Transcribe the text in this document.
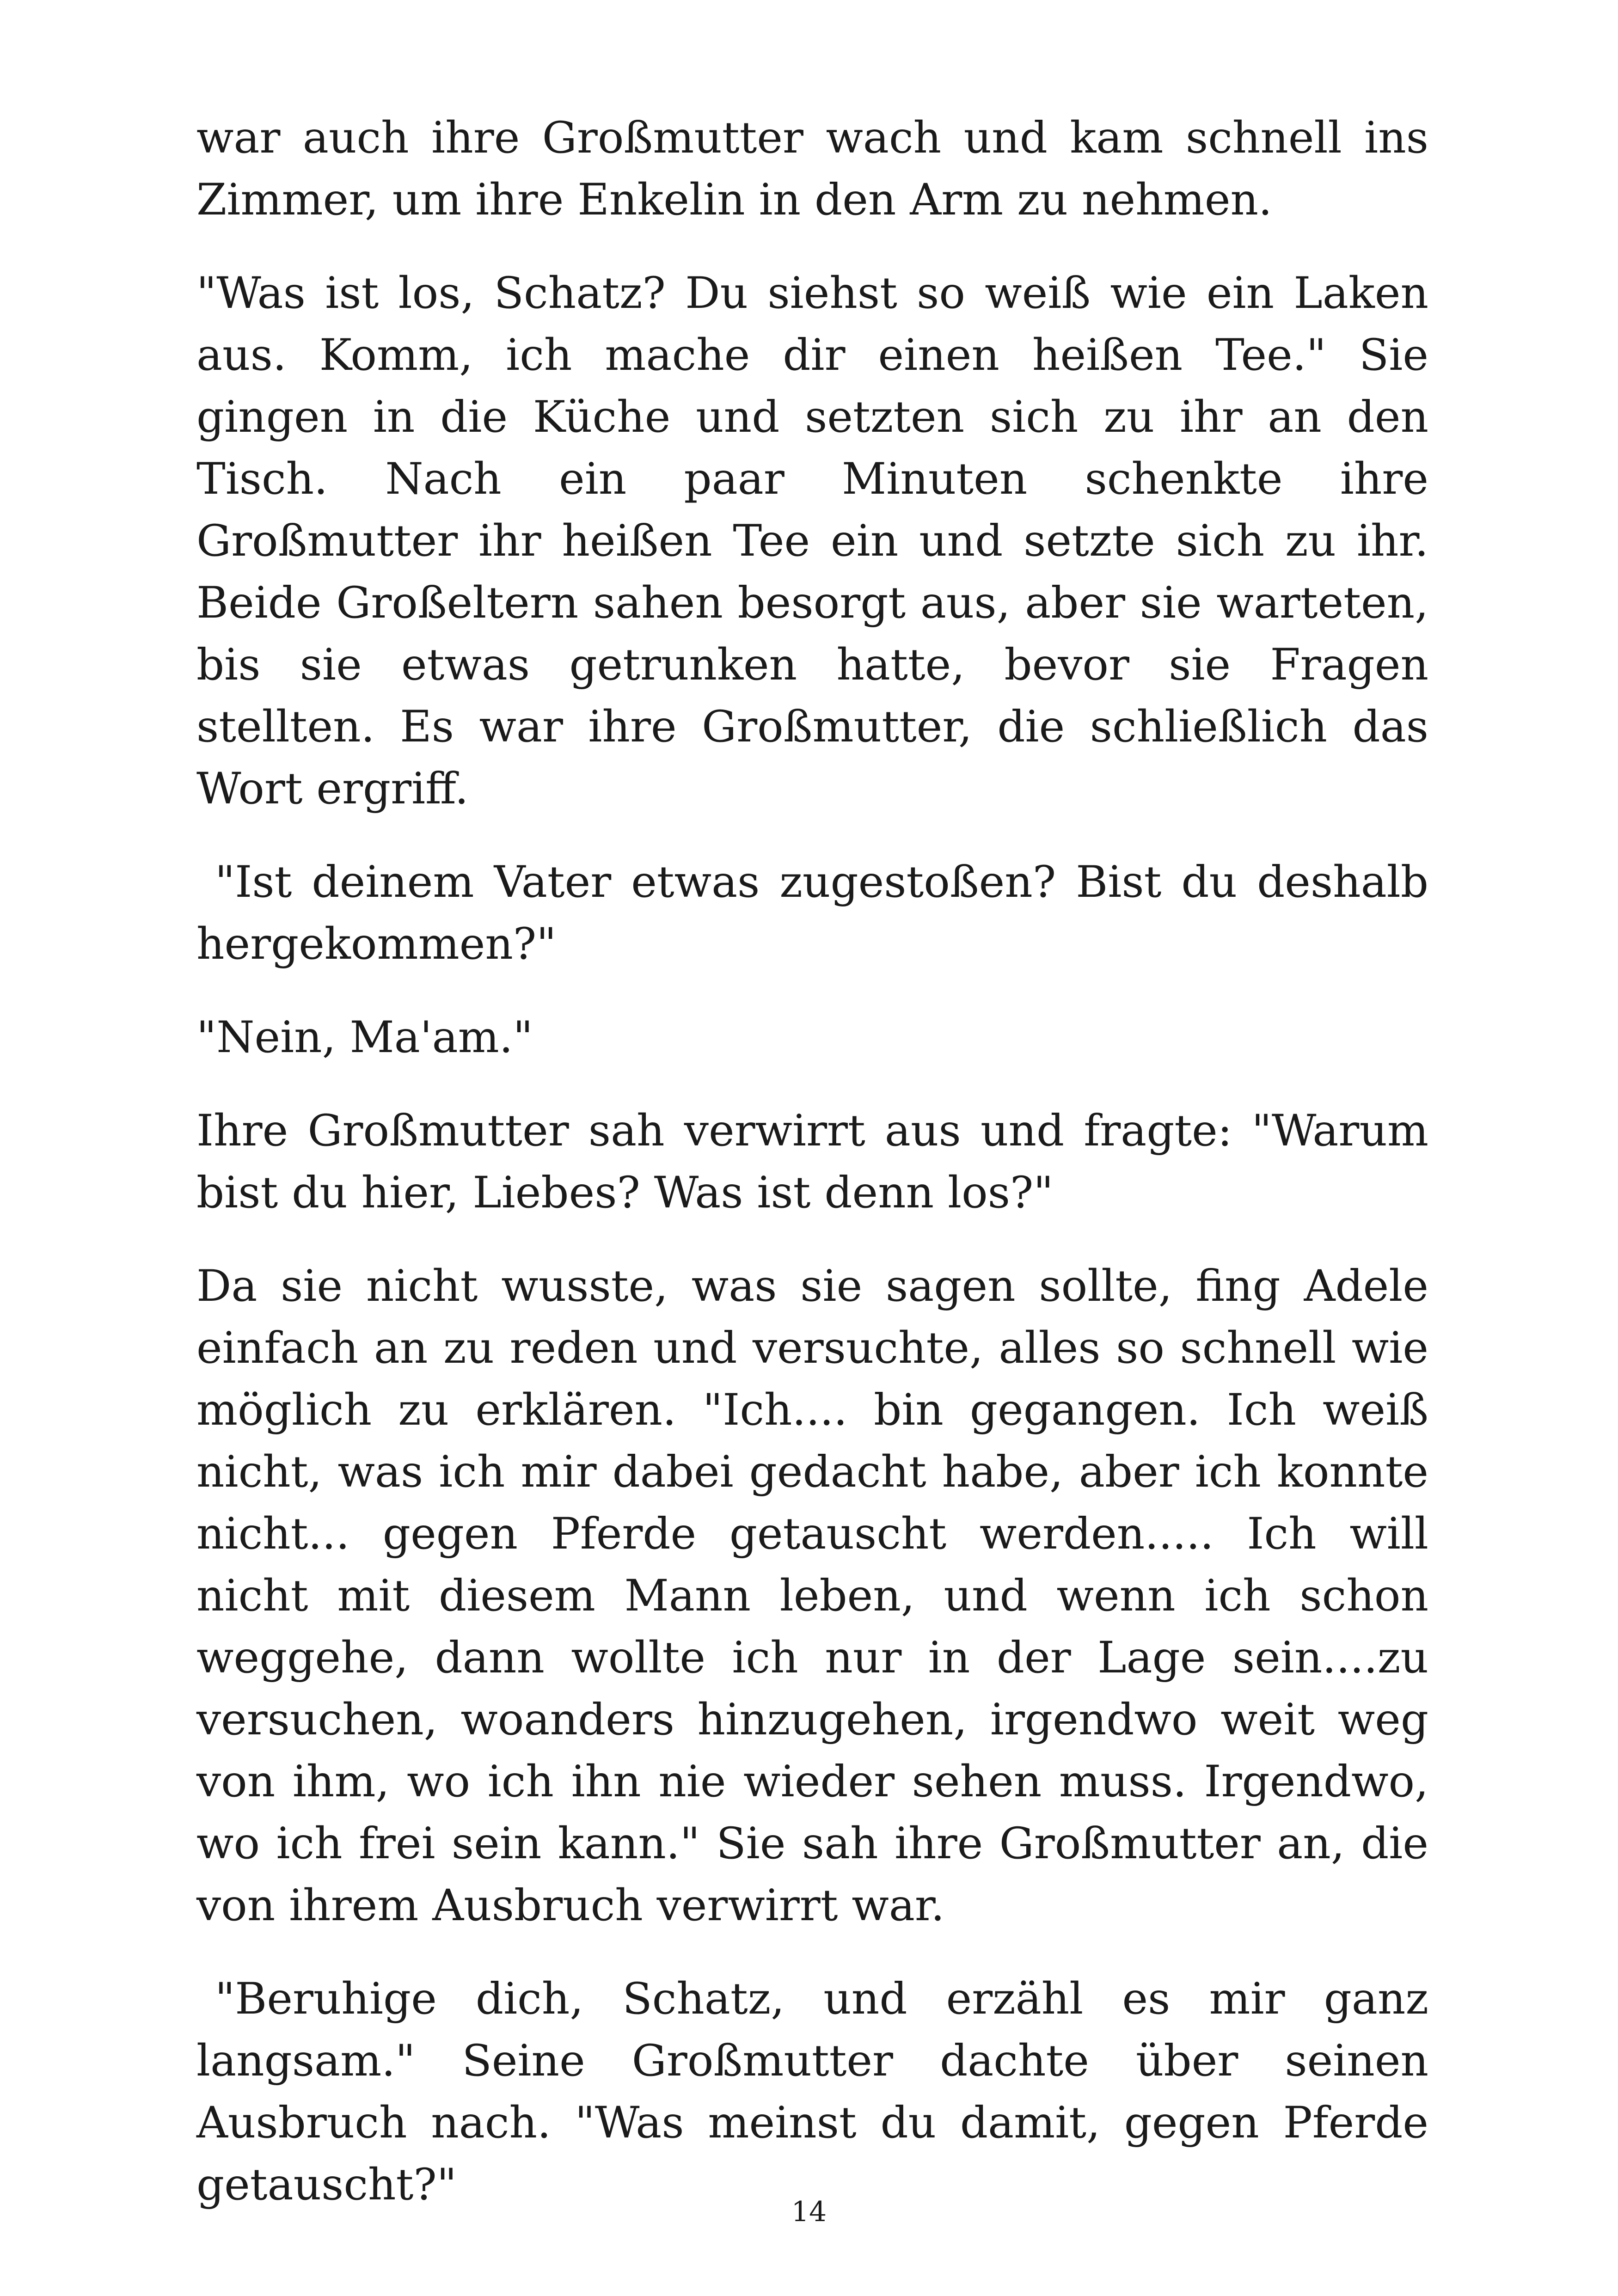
war auch ihre Großmutter wach und kam schnell ins Zimmer, um ihre Enkelin in den Arm zu nehmen.

"Was ist los, Schatz? Du siehst so weiß wie ein Laken aus. Komm, ich mache dir einen heißen Tee." Sie gingen in die Küche und setzten sich zu ihr an den Tisch. Nach ein paar Minuten schenkte ihre Großmutter ihr heißen Tee ein und setzte sich zu ihr. Beide Großeltern sahen besorgt aus, aber sie warteten, bis sie etwas getrunken hatte, bevor sie Fragen stellten. Es war ihre Großmutter, die schließlich das Wort ergriff.

"Ist deinem Vater etwas zugestoßen? Bist du deshalb hergekommen?"

"Nein, Ma'am."

Ihre Großmutter sah verwirrt aus und fragte: "Warum bist du hier, Liebes? Was ist denn los?"

Da sie nicht wusste, was sie sagen sollte, fing Adele einfach an zu reden und versuchte, alles so schnell wie möglich zu erklären. "Ich.... bin gegangen. Ich weiß nicht, was ich mir dabei gedacht habe, aber ich konnte nicht... gegen Pferde getauscht werden..... Ich will nicht mit diesem Mann leben, und wenn ich schon weggehe, dann wollte ich nur in der Lage sein....zu versuchen, woanders hinzugehen, irgendwo weit weg von ihm, wo ich ihn nie wieder sehen muss. Irgendwo, wo ich frei sein kann." Sie sah ihre Großmutter an, die von ihrem Ausbruch verwirrt war.

"Beruhige dich, Schatz, und erzähl es mir ganz langsam." Seine Großmutter dachte über seinen Ausbruch nach. "Was meinst du damit, gegen Pferde getauscht?"

14
